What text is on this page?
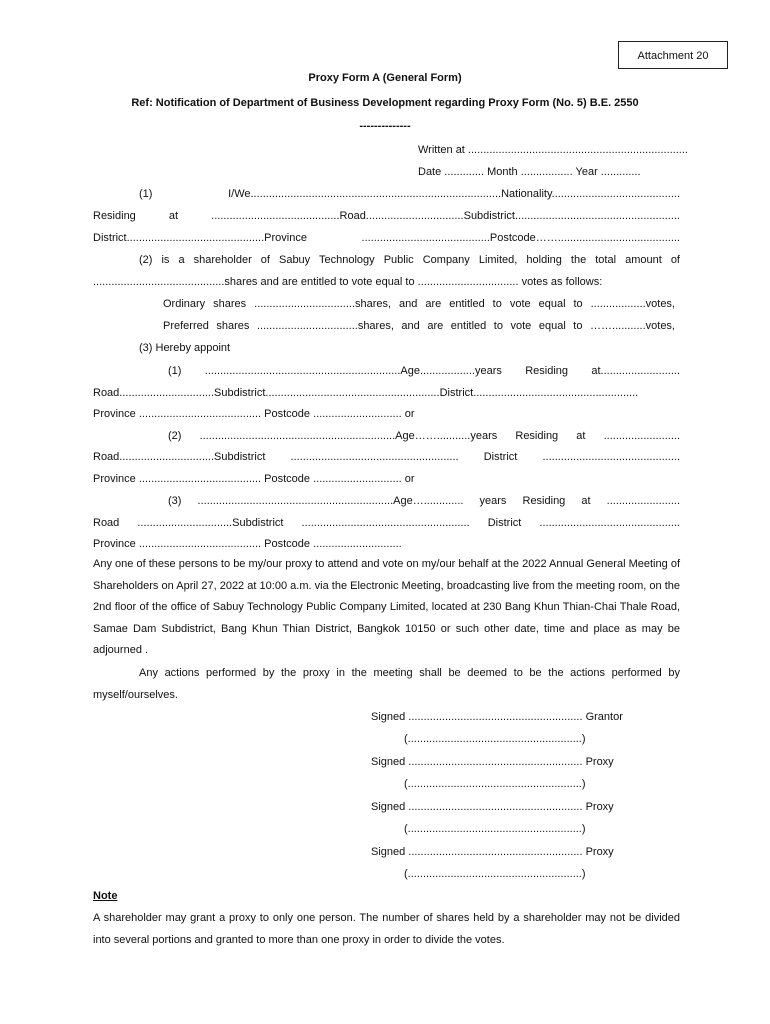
Attachment 20
Proxy Form A (General Form)
Ref: Notification of Department of Business Development regarding Proxy Form (No. 5) B.E. 2550
--------------
Written at ........................................................................
Date ............. Month ................. Year .............
(1) I/We..................................................................................Nationality..........................................
Residing at ..........................................Road................................Subdistrict......................................................
District.............................................Province ..........................................Postcode……........................................
(2) is a shareholder of Sabuy Technology Public Company Limited, holding the total amount of
...........................................shares and are entitled to vote equal to ................................. votes as follows:
Ordinary shares .................................shares, and are entitled to vote equal to ..................votes,
Preferred shares .................................shares, and are entitled to vote equal to ……...........votes,
(3) Hereby appoint
(1) ................................................................Age..................years Residing at..........................
Road...............................Subdistrict.........................................................District......................................................
Province ........................................ Postcode ............................. or
(2) ................................................................Age……...........years Residing at .........................
Road...............................Subdistrict ....................................................... District .............................................
Province ........................................ Postcode ............................. or
(3) ................................................................Age…............. years Residing at ........................
Road ...............................Subdistrict ....................................................... District ..............................................
Province ........................................ Postcode .............................
Any one of these persons to be my/our proxy to attend and vote on my/our behalf at the 2022 Annual General Meeting of Shareholders on April 27, 2022 at 10:00 a.m. via the Electronic Meeting, broadcasting live from the meeting room, on the 2nd floor of the office of Sabuy Technology Public Company Limited, located at 230 Bang Khun Thian-Chai Thale Road, Samae Dam Subdistrict, Bang Khun Thian District, Bangkok 10150 or such other date, time and place as may be adjourned .
Any actions performed by the proxy in the meeting shall be deemed to be the actions performed by myself/ourselves.
Signed ......................................................... Grantor
(.........................................................)
Signed ......................................................... Proxy
(.........................................................)
Signed ......................................................... Proxy
(.........................................................)
Signed ......................................................... Proxy
(.........................................................)
Note
A shareholder may grant a proxy to only one person. The number of shares held by a shareholder may not be divided into several portions and granted to more than one proxy in order to divide the votes.
